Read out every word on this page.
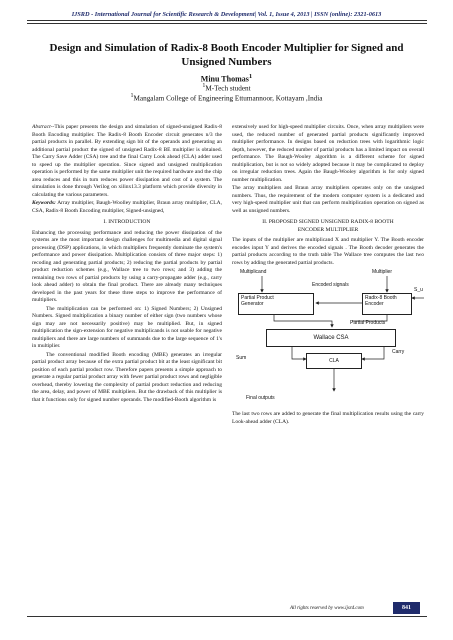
IJSRD - International Journal for Scientific Research & Development| Vol. 1, Issue 4, 2013 | ISSN (online): 2321-0613
Design and Simulation of Radix-8 Booth Encoder Multiplier for Signed and Unsigned Numbers
Minu Thomas$^1$
$^1$M-Tech student
$^1$Mangalam College of Engineering Ettumannoor, Kottayam ,India

Abstract--This paper presents the design and simulation of signed-unsigned Radix-8 Booth Encoding multiplier. The Radix-8 Booth Encoder circuit generates n/3 the partial products in parallel. By extending sign bit of the operands and generating an additional partial product the signed of unsigned Radix-8 BE multiplier is obtained. The Carry Save Adder (CSA) tree and the final Carry Look ahead (CLA) adder used to speed up the multiplier operation. Since signed and unsigned multiplication operation is performed by the same multiplier unit the required hardware and the chip area reduces and this in turn reduces power dissipation and cost of a system. The simulation is done through Verilog on xilinx13.3 platform which provide diversity in calculating the various parameters.

Keywords: Array multiplier, Baugh-Woolley multiplier, Braun array multiplier, CLA, CSA, Radix-8 Booth Encoding multiplier, Signed-unsigned,

I. INTRODUCTION

Enhancing the processing performance and reducing the power dissipation of the systems are the most important design challenges for multimedia and digital signal processing (DSP) applications, in which multipliers frequently dominate the system's performance and power dissipation. Multiplication consists of three major steps: 1) recoding and generating partial products; 2) reducing the partial products by partial product reduction schemes (e.g., Wallace tree to two rows; and 3) adding the remaining two rows of partial products by using a carry-propagate adder (e.g., carry look ahead adder) to obtain the final product. There are already many techniques developed in the past years for these three steps to improve the performance of multipliers.

The multiplication can be performed on: 1) Signed Numbers; 2) Unsigned Numbers. Signed multiplication a binary number of either sign (two numbers whose sign may are not necessarily positive) may be multiplied. But, in signed multiplication the sign-extension for negative multiplicands is not usable for negative multipliers and there are large numbers of summands due to the large sequence of 1's in multiplier.

The conventional modified Booth encoding (MBE) generates an irregular partial product array because of the extra partial product bit at the least significant bit position of each partial product row. Therefore papers presents a simple approach to generate a regular partial product array with fewer partial product rows and negligible overhead, thereby lowering the complexity of partial product reduction and reducing the area, delay, and power of MBE multipliers. But the drawback of this multiplier is that it functions only for signed number operands. The modified-Booth algorithm is

extensively used for high-speed multiplier circuits. Once, when array multipliers were used, the reduced number of generated partial products significantly improved multiplier performance. In designs based on reduction trees with logarithmic logic depth, however, the reduced number of partial products has a limited impact on overall performance. The Baugh-Wooley algorithm is a different scheme for signed multiplication, but is not so widely adopted because it may be complicated to deploy on irregular reduction trees. Again the Baugh-Wooley algorithm is for only signed number multiplication.

The array multipliers and Braun array multipliers operates only on the unsigned numbers. Thus, the requirement of the modern computer system is a dedicated and very high-speed multiplier unit that can perform multiplication operation on signed as well as unsigned numbers.

II. PROPOSED SIGNED UNSIGNED RADIX-8 BOOTH
ENCODER MULTIPLIER

The inputs of the multiplier are multiplicand X and multiplier Y. The Booth encoder encodes input Y and derives the encoded signals . The Booth decoder generates the partial products according to the truth table The Wallace tree computes the last two rows by adding the generated partial products.

Multiplicand	Multiplier
Encoded signals
S_u
Partial Product
Generator
Radix-8 Booth
Encoder
Partial Products
Wallace CSA
Sum
Carry
CLA
Final outputs

The last two rows are added to generate the final multiplication results using the carry Look-ahead adder (CLA).

All rights reserved by www.ijsrd.com	841
